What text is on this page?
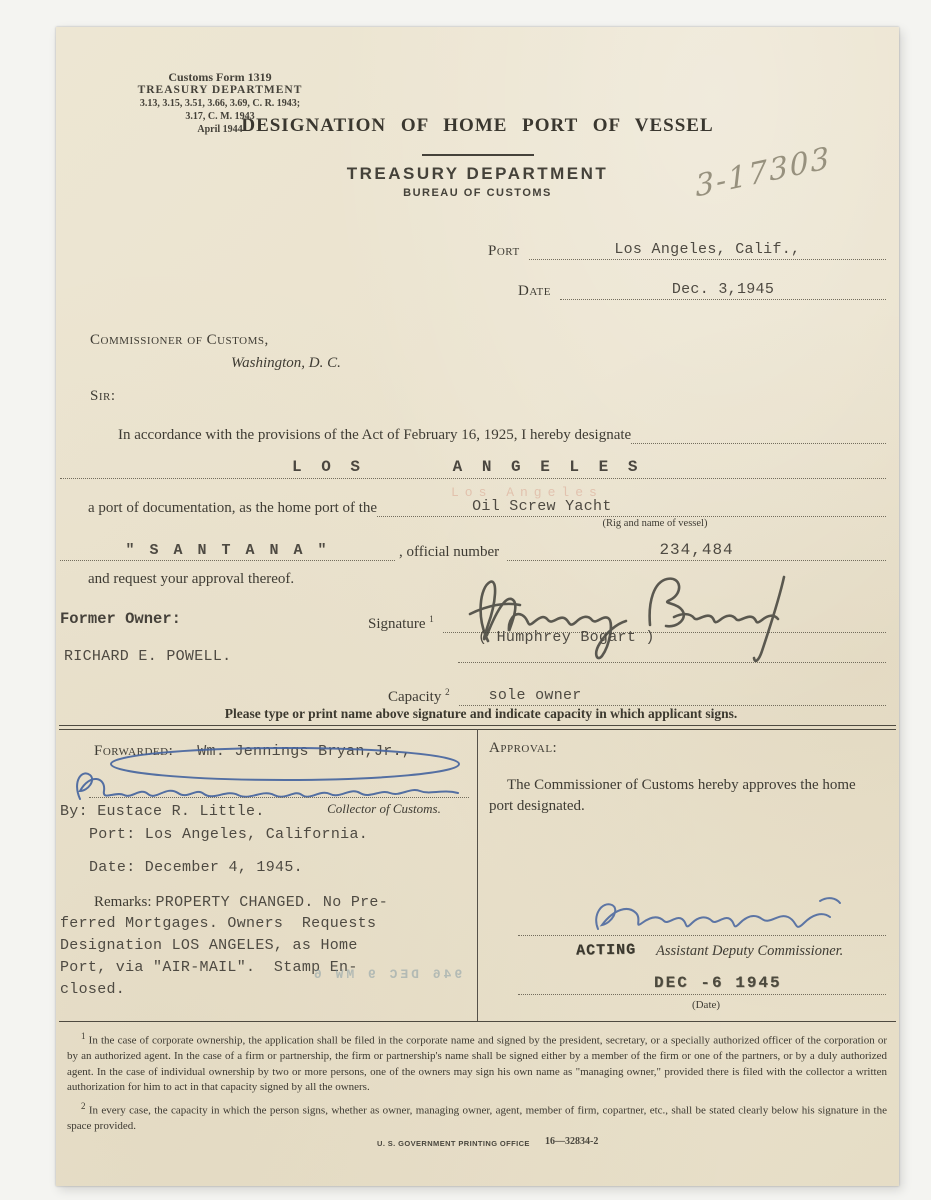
Customs Form 1319
TREASURY DEPARTMENT
3.13, 3.15, 3.51, 3.66, 3.69, C. R. 1943;
3.17, C. M. 1943
April 1944
DESIGNATION OF HOME PORT OF VESSEL
TREASURY DEPARTMENT
BUREAU OF CUSTOMS	3-17303
Port	Los Angeles, Calif.,
Date	Dec. 3,1945
Commissioner of Customs,
Washington, D. C.
Sir:
In accordance with the provisions of the Act of February 16, 1925, I hereby designate
L O S      A N G E L E S
Los Angeles
a port of documentation, as the home port of the	Oil Screw Yacht
(Rig and name of vessel)
" S A N T A N A "	, official number	234,484
and request your approval thereof.
Former Owner:
RICHARD E. POWELL.
Signature $^1$
( Humphrey Bogart )
Capacity $^2$	sole owner
Please type or print name above signature and indicate capacity in which applicant signs.
Forwarded: Wm. Jennings Bryan,Jr.,
Collector of Customs.
By: Eustace R. Little.
Port: Los Angeles, California.
Date: December 4, 1945.
Remarks: PROPERTY CHANGED. No Pre-
ferred Mortgages. Owners  Requests
Designation LOS ANGELES, as Home
Port, via "AIR-MAIL".  Stamp En-
closed.
946 DEC 9 MW 6
Approval:
The Commissioner of Customs hereby approves the home port designated.
ACTING Assistant Deputy Commissioner.
DEC -6 1945
(Date)

$^1$ In the case of corporate ownership, the application shall be filed in the corporate name and signed by the president, secretary, or a specially authorized officer of the corporation or by an authorized agent. In the case of a firm or partnership, the firm or partnership's name shall be signed either by a member of the firm or one of the partners, or by a duly authorized agent. In the case of individual ownership by two or more persons, one of the owners may sign his own name as "managing owner," provided there is filed with the collector a written authorization for him to act in that capacity signed by all the owners.

$^2$ In every case, the capacity in which the person signs, whether as owner, managing owner, agent, member of firm, copartner, etc., shall be stated clearly below his signature in the space provided.

U. S. GOVERNMENT PRINTING OFFICE 16—32834-2
